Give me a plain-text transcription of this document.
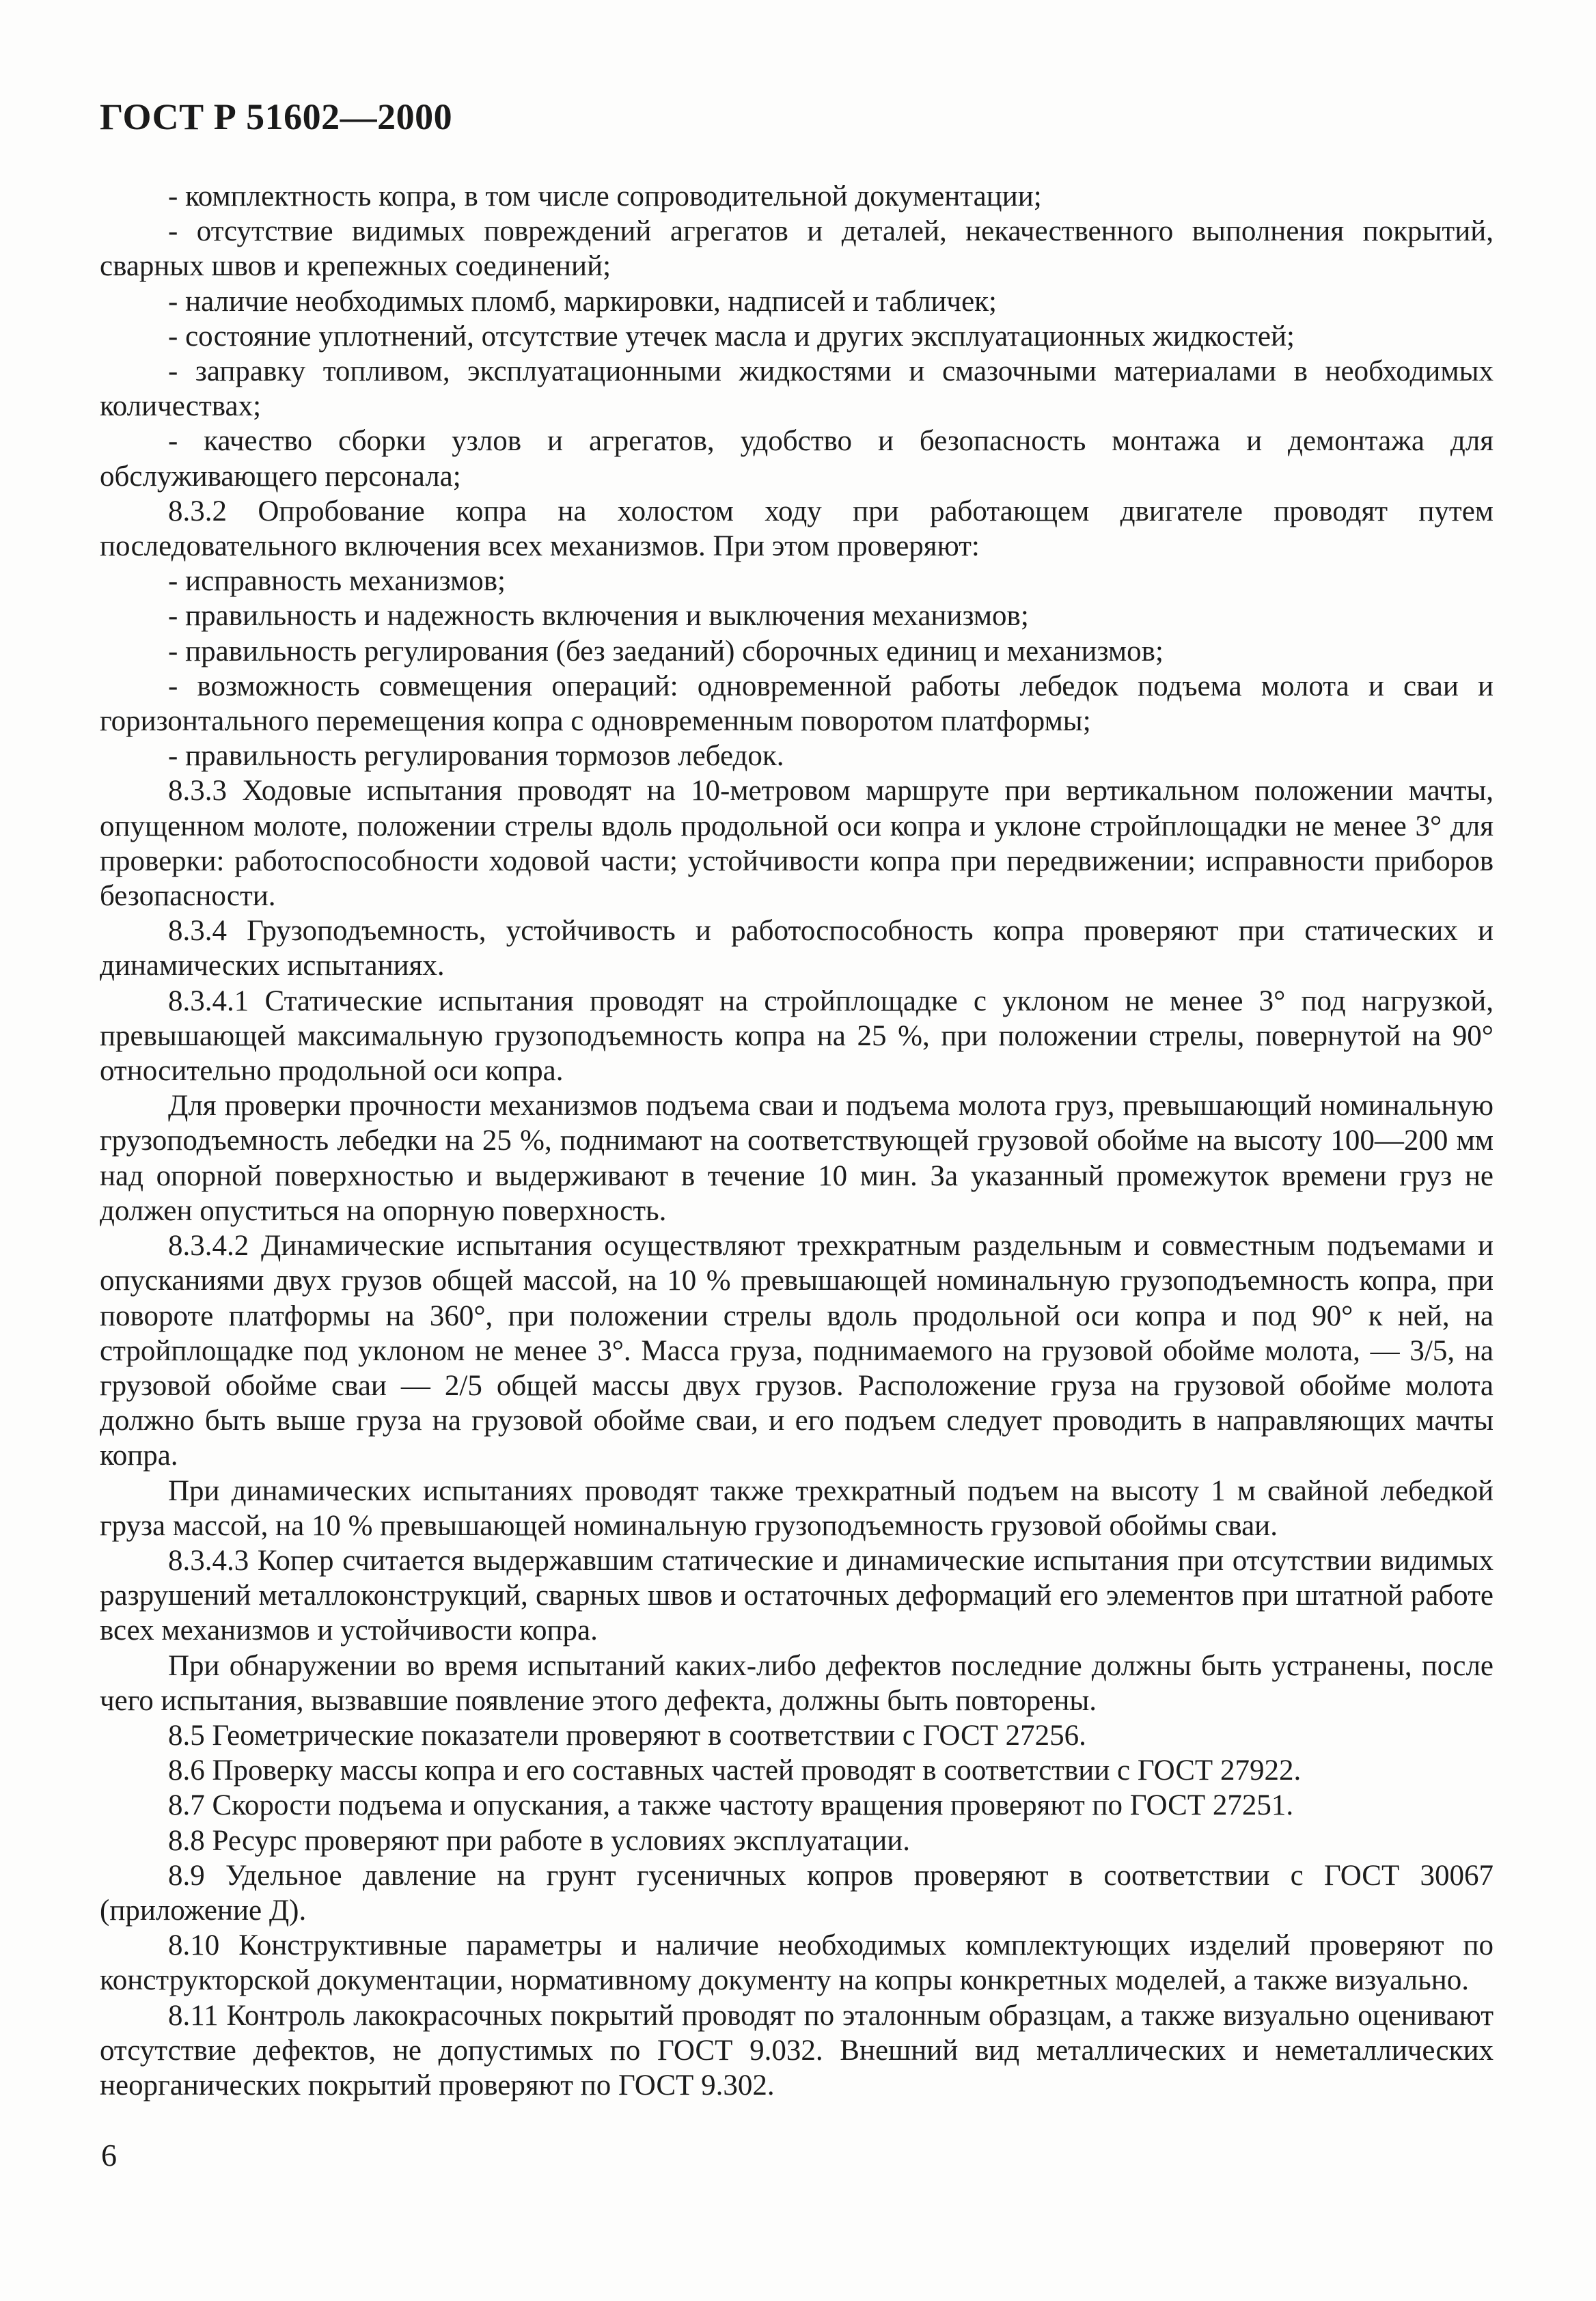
ГОСТ Р 51602—2000

- комплектность копра, в том числе сопроводительной документации;

- отсутствие видимых повреждений агрегатов и деталей, некачественного выполнения покрытий, сварных швов и крепежных соединений;

- наличие необходимых пломб, маркировки, надписей и табличек;

- состояние уплотнений, отсутствие утечек масла и других эксплуатационных жидкостей;

- заправку топливом, эксплуатационными жидкостями и смазочными материалами в необходимых количествах;

- качество сборки узлов и агрегатов, удобство и безопасность монтажа и демонтажа для обслуживающего персонала;

8.3.2 Опробование копра на холостом ходу при работающем двигателе проводят путем последовательного включения всех механизмов. При этом проверяют:

- исправность механизмов;

- правильность и надежность включения и выключения механизмов;

- правильность регулирования (без заеданий) сборочных единиц и механизмов;

- возможность совмещения операций: одновременной работы лебедок подъема молота и сваи и горизонтального перемещения копра с одновременным поворотом платформы;

- правильность регулирования тормозов лебедок.

8.3.3 Ходовые испытания проводят на 10-метровом маршруте при вертикальном положении мачты, опущенном молоте, положении стрелы вдоль продольной оси копра и уклоне стройплощадки не менее 3° для проверки: работоспособности ходовой части; устойчивости копра при передвижении; исправности приборов безопасности.

8.3.4 Грузоподъемность, устойчивость и работоспособность копра проверяют при статических и динамических испытаниях.

8.3.4.1 Статические испытания проводят на стройплощадке с уклоном не менее 3° под нагрузкой, превышающей максимальную грузоподъемность копра на 25 %, при положении стрелы, повернутой на 90° относительно продольной оси копра.

Для проверки прочности механизмов подъема сваи и подъема молота груз, превышающий номинальную грузоподъемность лебедки на 25 %, поднимают на соответствующей грузовой обойме на высоту 100—200 мм над опорной поверхностью и выдерживают в течение 10 мин. За указанный промежуток времени груз не должен опуститься на опорную поверхность.

8.3.4.2 Динамические испытания осуществляют трехкратным раздельным и совместным подъемами и опусканиями двух грузов общей массой, на 10 % превышающей номинальную грузоподъемность копра, при повороте платформы на 360°, при положении стрелы вдоль продольной оси копра и под 90° к ней, на стройплощадке под уклоном не менее 3°. Масса груза, поднимаемого на грузовой обойме молота, — 3/5, на грузовой обойме сваи — 2/5 общей массы двух грузов. Расположение груза на грузовой обойме молота должно быть выше груза на грузовой обойме сваи, и его подъем следует проводить в направляющих мачты копра.

При динамических испытаниях проводят также трехкратный подъем на высоту 1 м свайной лебедкой груза массой, на 10 % превышающей номинальную грузоподъемность грузовой обоймы сваи.

8.3.4.3 Копер считается выдержавшим статические и динамические испытания при отсутствии видимых разрушений металлоконструкций, сварных швов и остаточных деформаций его элементов при штатной работе всех механизмов и устойчивости копра.

При обнаружении во время испытаний каких-либо дефектов последние должны быть устранены, после чего испытания, вызвавшие появление этого дефекта, должны быть повторены.

8.5 Геометрические показатели проверяют в соответствии с ГОСТ 27256.

8.6 Проверку массы копра и его составных частей проводят в соответствии с ГОСТ 27922.

8.7 Скорости подъема и опускания, а также частоту вращения проверяют по ГОСТ 27251.

8.8 Ресурс проверяют при работе в условиях эксплуатации.

8.9 Удельное давление на грунт гусеничных копров проверяют в соответствии с ГОСТ 30067 (приложение Д).

8.10 Конструктивные параметры и наличие необходимых комплектующих изделий проверяют по конструкторской документации, нормативному документу на копры конкретных моделей, а также визуально.

8.11 Контроль лакокрасочных покрытий проводят по эталонным образцам, а также визуально оценивают отсутствие дефектов, не допустимых по ГОСТ 9.032. Внешний вид металлических и неметаллических неорганических покрытий проверяют по ГОСТ 9.302.

6
